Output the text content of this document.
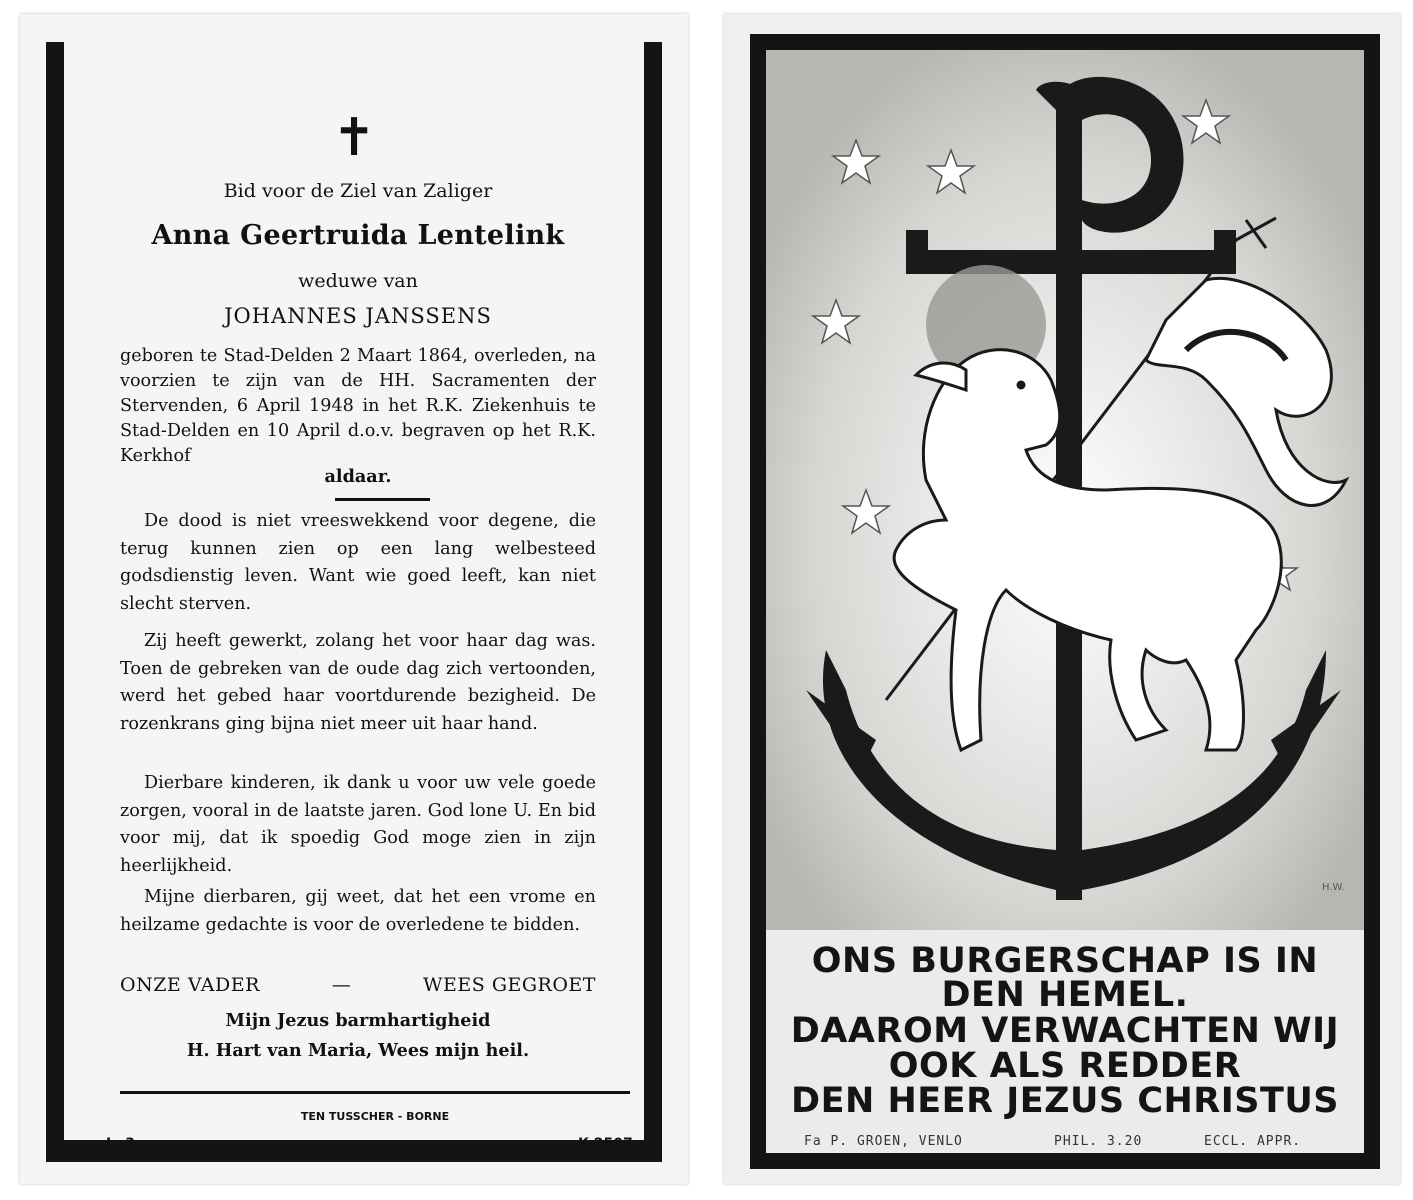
✝
Bid voor de Ziel van Zaliger
Anna Geertruida Lentelink
weduwe van
JOHANNES JANSSENS
geboren te Stad-Delden 2 Maart 1864, overleden, na voorzien te zijn van de HH. Sacramenten der Stervenden, 6 April 1948 in het R.K. Ziekenhuis te Stad-Delden en 10 April d.o.v. begraven op het R.K. Kerkhof
aldaar.
De dood is niet vreeswekkend voor degene, die terug kunnen zien op een lang welbesteed godsdienstig leven. Want wie goed leeft, kan niet slecht sterven.
Zij heeft gewerkt, zolang het voor haar dag was. Toen de gebreken van de oude dag zich vertoonden, werd het gebed haar voortdurende bezigheid. De rozenkrans ging bijna niet meer uit haar hand.
Dierbare kinderen, ik dank u voor uw vele goede zorgen, vooral in de laatste jaren. God lone U. En bid voor mij, dat ik spoedig God moge zien in zijn heerlijkheid.
Mijne dierbaren, gij weet, dat het een vrome en heilzame gedachte is voor de overledene te bidden.
ONZE VADER	—	WEES GEGROET
Mijn Jezus barmhartigheid
H. Hart van Maria, Wees mijn heil.
TEN TUSSCHER - BORNE
L. 3	K 2507
H.W.
ONS BURGERSCHAP IS IN
DEN HEMEL.
DAAROM VERWACHTEN WIJ
OOK ALS REDDER
DEN HEER JEZUS CHRISTUS
Fa P. GROEN, VENLO	PHIL. 3.20	ECCL. APPR.
